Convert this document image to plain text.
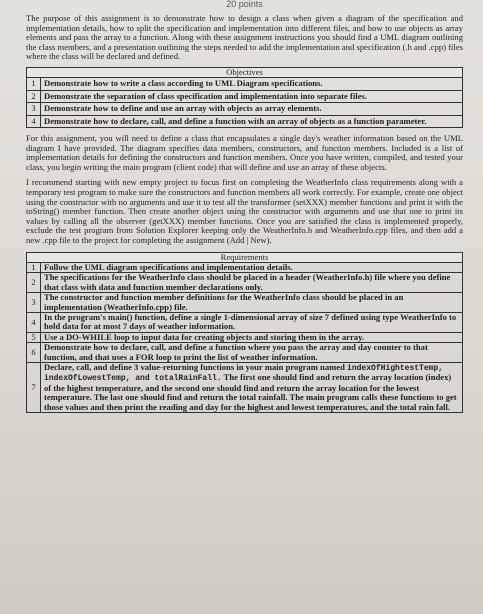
20 points

The purpose of this assignment is to demonstrate how to design a class when given a diagram of the specification and implementation details, how to split the specification and implementation into different files, and how to use objects as array elements and pass the array to a function. Along with these assignment instructions you should find a UML diagram outlining the class members, and a presentation outlining the steps needed to add the implementation and specification (.h and .cpp) files where the class will be declared and defined.

Objectives	
1	Demonstrate how to write a class according to UML Diagram specifications.
2	Demonstrate the separation of class specification and implementation into separate files.
3	Demonstrate how to define and use an array with objects as array elements.
4	Demonstrate how to declare, call, and define a function with an array of objects as a function parameter.

For this assignment, you will need to define a class that encapsulates a single day's weather information based on the UML diagram I have provided. The diagram specifies data members, constructors, and function members. Included is a list of implementation details for defining the constructors and function members. Once you have written, compiled, and tested your class, you begin writing the main program (client code) that will define and use an array of these objects.

I recommend starting with new empty project to focus first on completing the WeatherInfo class requirements along with a temporary test program to make sure the constructors and function members all work correctly. For example, create one object using the constructor with no arguments and use it to test all the transformer (setXXX) member functions and print it with the toString() member function. Then create another object using the constructor with arguments and use that one to print its values by calling all the observer (getXXX) member functions. Once you are satisfied the class is implemented properly, exclude the test program from Solution Explorer keeping only the WeatherInfo.h and WeatherInfo.cpp files, and then add a new .cpp file to the project for completing the assignment (Add | New).

Requirements	
1	Follow the UML diagram specifications and implementation details.
2	The specifications for the WeatherInfo class should be placed in a header (WeatherInfo.h) file where you define that class with data and function member declarations only.
3	The constructor and function member definitions for the WeatherInfo class should be placed in an implementation (WeatherInfo.cpp) file.
4	In the program's main() function, define a single 1-dimensional array of size 7 defined using type WeatherInfo to hold data for at most 7 days of weather information.
5	Use a DO-WHILE loop to input data for creating objects and storing them in the array.
6	Demonstrate how to declare, call, and define a function where you pass the array and day counter to that function, and that uses a FOR loop to print the list of weather information.
7	Declare, call, and define 3 value-returning functions in your main program named indexOfHightestTemp, indexOfLowestTemp, and totalRainFall. The first one should find and return the array location (index) of the highest temperature, and the second one should find and return the array location for the lowest temperature. The last one should find and return the total rainfall. The main program calls these functions to get those values and then print the reading and day for the highest and lowest temperatures, and the total rain fall.
